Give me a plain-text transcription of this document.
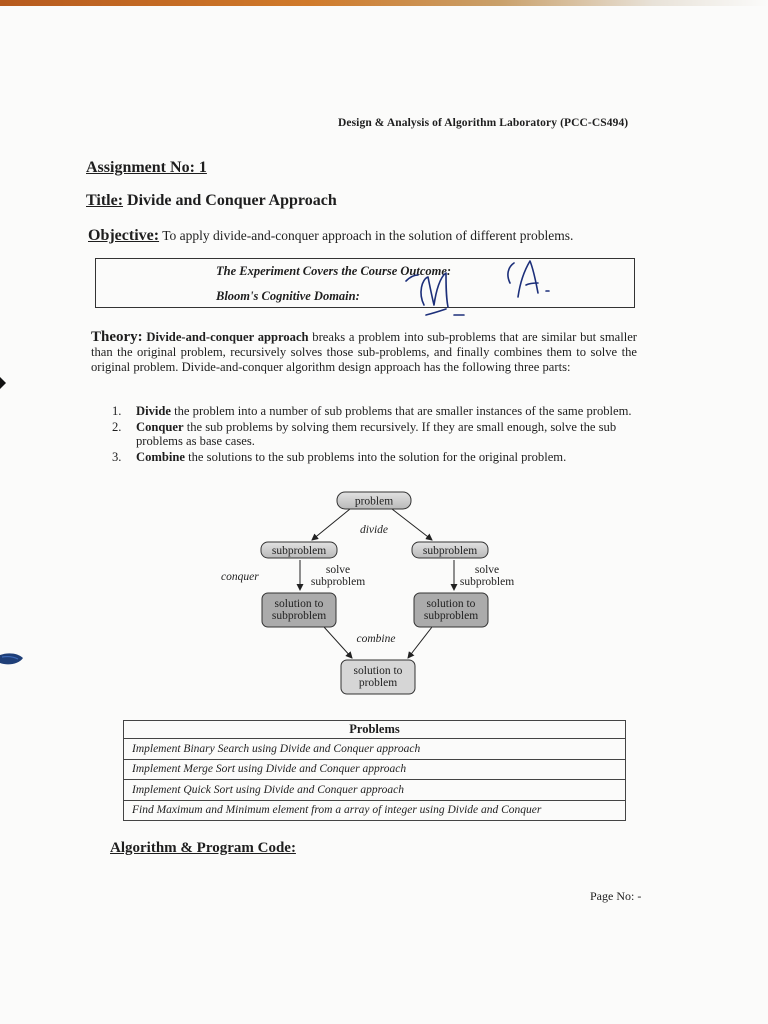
Design & Analysis of Algorithm Laboratory (PCC-CS494)
Assignment No: 1
Title: Divide and Conquer Approach
Objective: To apply divide-and-conquer approach in the solution of different problems.
The Experiment Covers the Course Outcome:
Bloom's Cognitive Domain:
Theory: Divide-and-conquer approach breaks a problem into sub-problems that are similar but smaller than the original problem, recursively solves those sub-problems, and finally combines them to solve the original problem. Divide-and-conquer algorithm design approach has the following three parts:
1. Divide the problem into a number of sub problems that are smaller instances of the same problem.
2. Conquer the sub problems by solving them recursively. If they are small enough, solve the sub problems as base cases.
3. Combine the solutions to the sub problems into the solution for the original problem.
problem
divide
subproblem	subproblem
conquer
solve
subproblem
solve
subproblem
solution to
subproblem
solution to
subproblem
combine
solution to
problem
Problems
Implement Binary Search using Divide and Conquer approach
Implement Merge Sort using Divide and Conquer approach
Implement Quick Sort using Divide and Conquer approach
Find Maximum and Minimum element from a array of integer using Divide and Conquer
Algorithm & Program Code:
Page No: -
